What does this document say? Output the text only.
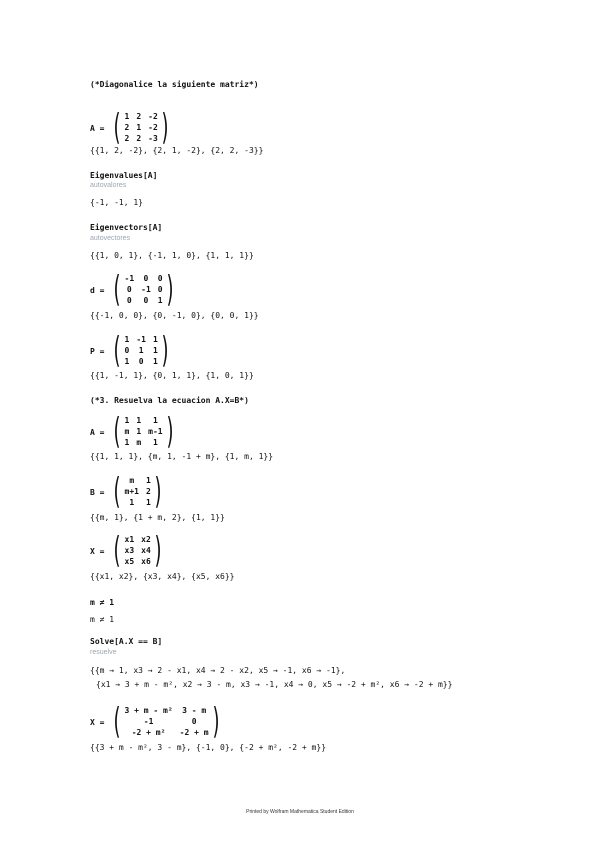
(*Diagonalice la siguiente matriz*)
A = ( 1 2 -2
2 1 -2
2 2 -3 )
{{1, 2, -2}, {2, 1, -2}, {2, 2, -3}}
Eigenvalues[A]
autovalores
{-1, -1, 1}
Eigenvectors[A]
autovectores
{{1, 0, 1}, {-1, 1, 0}, {1, 1, 1}}
d = ( -1	0	0
0	-1 0
0	0	1 )
{{-1, 0, 0}, {0, -1, 0}, {0, 0, 1}}
P = ( 1 -1 1
0	1	1
1	0	1 )
{{1, -1, 1}, {0, 1, 1}, {1, 0, 1}}
(*3. Resuelva la ecuacion A.X=B*)
A = ( 1 1	1
m 1 m-1
1 m	1 )
{{1, 1, 1}, {m, 1, -1 + m}, {1, m, 1}}
B = (	m	1
m+1 2
1	1 )
{{m, 1}, {1 + m, 2}, {1, 1}}
X = ( x1 x2
x3 x4
x5 x6 )
{{x1, x2}, {x3, x4}, {x5, x6}}
m ≠ 1
m ≠ 1
Solve[A.X == B]
resuelve
{{m → 1, x3 → 2 - x1, x4 → 2 - x2, x5 → -1, x6 → -1},
{x1 → 3 + m - m², x2 → 3 - m, x3 → -1, x4 → 0, x5 → -2 + m², x6 → -2 + m}}
X = ( 3 + m - m²	3 - m
-1	0
-2 + m²	-2 + m )
{{3 + m - m², 3 - m}, {-1, 0}, {-2 + m², -2 + m}}
Printed by Wolfram Mathematica Student Edition
